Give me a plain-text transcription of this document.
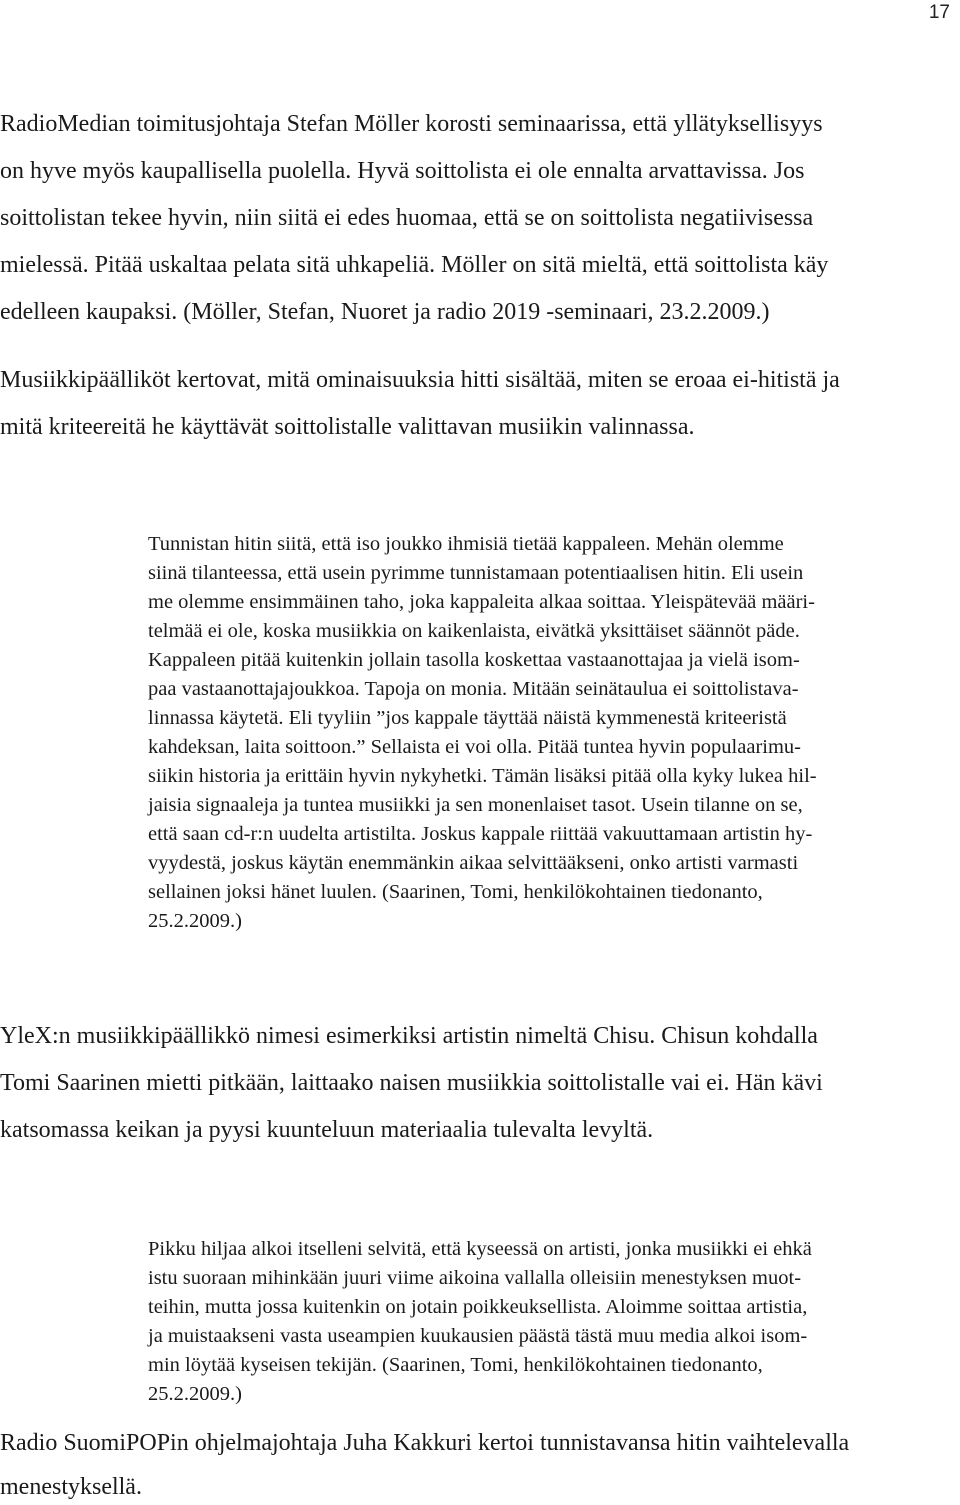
17
RadioMedian toimitusjohtaja Stefan Möller korosti seminaarissa, että yllätyksellisyys
on hyve myös kaupallisella puolella. Hyvä soittolista ei ole ennalta arvattavissa. Jos
soittolistan tekee hyvin, niin siitä ei edes huomaa, että se on soittolista negatiivisessa
mielessä. Pitää uskaltaa pelata sitä uhkapeliä. Möller on sitä mieltä, että soittolista käy
edelleen kaupaksi. (Möller, Stefan, Nuoret ja radio 2019 -seminaari, 23.2.2009.)
Musiikkipäälliköt kertovat, mitä ominaisuuksia hitti sisältää, miten se eroaa ei-hitistä ja
mitä kriteereitä he käyttävät soittolistalle valittavan musiikin valinnassa.
Tunnistan hitin siitä, että iso joukko ihmisiä tietää kappaleen. Mehän olemme
siinä tilanteessa, että usein pyrimme tunnistamaan potentiaalisen hitin. Eli usein
me olemme ensimmäinen taho, joka kappaleita alkaa soittaa. Yleispätevää määri-
telmää ei ole, koska musiikkia on kaikenlaista, eivätkä yksittäiset säännöt päde.
Kappaleen pitää kuitenkin jollain tasolla koskettaa vastaanottajaa ja vielä isom-
paa vastaanottajajoukkoa. Tapoja on monia. Mitään seinätaulua ei soittolistava-
linnassa käytetä. Eli tyyliin ”jos kappale täyttää näistä kymmenestä kriteeristä
kahdeksan, laita soittoon.” Sellaista ei voi olla. Pitää tuntea hyvin populaarimu-
siikin historia ja erittäin hyvin nykyhetki. Tämän lisäksi pitää olla kyky lukea hil-
jaisia signaaleja ja tuntea musiikki ja sen monenlaiset tasot. Usein tilanne on se,
että saan cd-r:n uudelta artistilta. Joskus kappale riittää vakuuttamaan artistin hy-
vyydestä, joskus käytän enemmänkin aikaa selvittääkseni, onko artisti varmasti
sellainen joksi hänet luulen. (Saarinen, Tomi, henkilökohtainen tiedonanto,
25.2.2009.)
YleX:n musiikkipäällikkö nimesi esimerkiksi artistin nimeltä Chisu. Chisun kohdalla
Tomi Saarinen mietti pitkään, laittaako naisen musiikkia soittolistalle vai ei. Hän kävi
katsomassa keikan ja pyysi kuunteluun materiaalia tulevalta levyltä.
Pikku hiljaa alkoi itselleni selvitä, että kyseessä on artisti, jonka musiikki ei ehkä
istu suoraan mihinkään juuri viime aikoina vallalla olleisiin menestyksen muot-
teihin, mutta jossa kuitenkin on jotain poikkeuksellista. Aloimme soittaa artistia,
ja muistaakseni vasta useampien kuukausien päästä tästä muu media alkoi isom-
min löytää kyseisen tekijän. (Saarinen, Tomi, henkilökohtainen tiedonanto,
25.2.2009.)
Radio SuomiPOPin ohjelmajohtaja Juha Kakkuri kertoi tunnistavansa hitin vaihtelevalla
menestyksellä.
